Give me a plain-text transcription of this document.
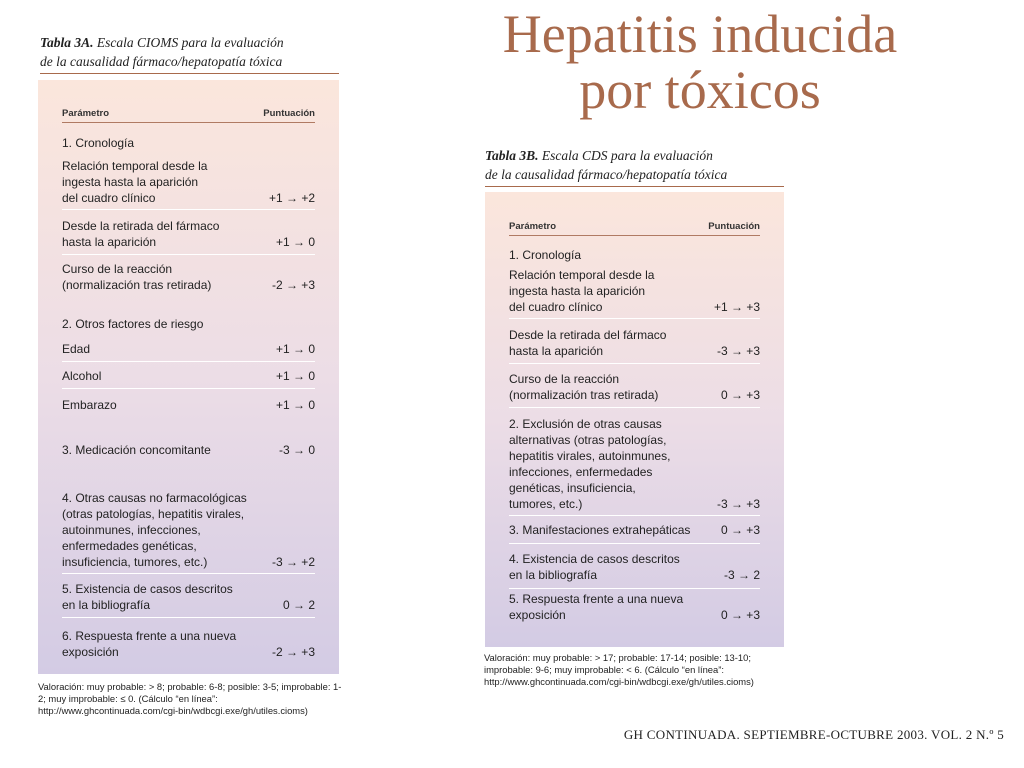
Hepatitis inducida
por tóxicos
Tabla 3A. Escala CIOMS para la evaluación
de la causalidad fármaco/hepatopatía tóxica
Parámetro	Puntuación
1. Cronología
Relación temporal desde la
ingesta hasta la aparición
del cuadro clínico	+1 → +2
Desde la retirada del fármaco
hasta la aparición	+1 → 0
Curso de la reacción
(normalización tras retirada)	-2 → +3
2. Otros factores de riesgo
Edad	+1 → 0
Alcohol	+1 → 0
Embarazo	+1 → 0
3. Medicación concomitante	-3 → 0
4. Otras causas no farmacológicas
(otras patologías, hepatitis virales,
autoinmunes, infecciones,
enfermedades genéticas,
insuficiencia, tumores, etc.)	-3 → +2
5. Existencia de casos descritos
en la bibliografía	0 → 2
6. Respuesta frente a una nueva
exposición	-2 → +3
Valoración: muy probable: > 8; probable: 6-8; posible: 3-5; improbable: 1-2; muy improbable: ≤ 0. (Cálculo “en línea”: http://www.ghcontinuada.com/cgi-bin/wdbcgi.exe/gh/utiles.cioms)
Tabla 3B. Escala CDS para la evaluación
de la causalidad fármaco/hepatopatía tóxica
Parámetro	Puntuación
1. Cronología
Relación temporal desde la
ingesta hasta la aparición
del cuadro clínico	+1 → +3
Desde la retirada del fármaco
hasta la aparición	-3 → +3
Curso de la reacción
(normalización tras retirada)	0 → +3
2. Exclusión de otras causas
alternativas (otras patologías,
hepatitis virales, autoinmunes,
infecciones, enfermedades
genéticas, insuficiencia,
tumores, etc.)	-3 → +3
3. Manifestaciones extrahepáticas	0 → +3
4. Existencia de casos descritos
en la bibliografía	-3 → 2
5. Respuesta frente a una nueva
exposición	0 → +3
Valoración: muy probable: > 17; probable: 17-14; posible: 13-10; improbable: 9-6; muy improbable: < 6. (Cálculo “en línea”: http://www.ghcontinuada.com/cgi-bin/wdbcgi.exe/gh/utiles.cioms)
GH CONTINUADA. SEPTIEMBRE-OCTUBRE 2003. VOL. 2 N.º 5
